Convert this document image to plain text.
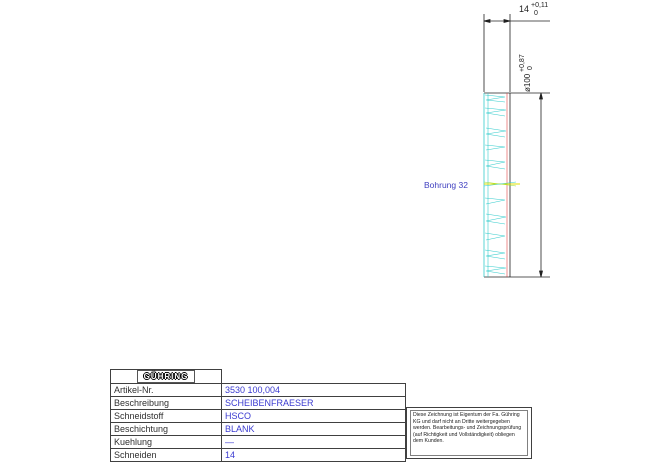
14 +0,11
0
ø100
+0,87 0
Bohrung 32
GÜHRING	
Artikel-Nr.	3530 100,004
Beschreibung	SCHEIBENFRAESER
Schneidstoff	HSCO
Beschichtung	BLANK
Kuehlung	—
Schneiden	14
Diese Zeichnung ist Eigentum der Fa. Gühring KG und darf nicht an Dritte weitergegeben werden. Bearbeitungs- und Zeichnungsprüfung (auf Richtigkeit und Vollständigkeit) obliegen dem Kunden.
